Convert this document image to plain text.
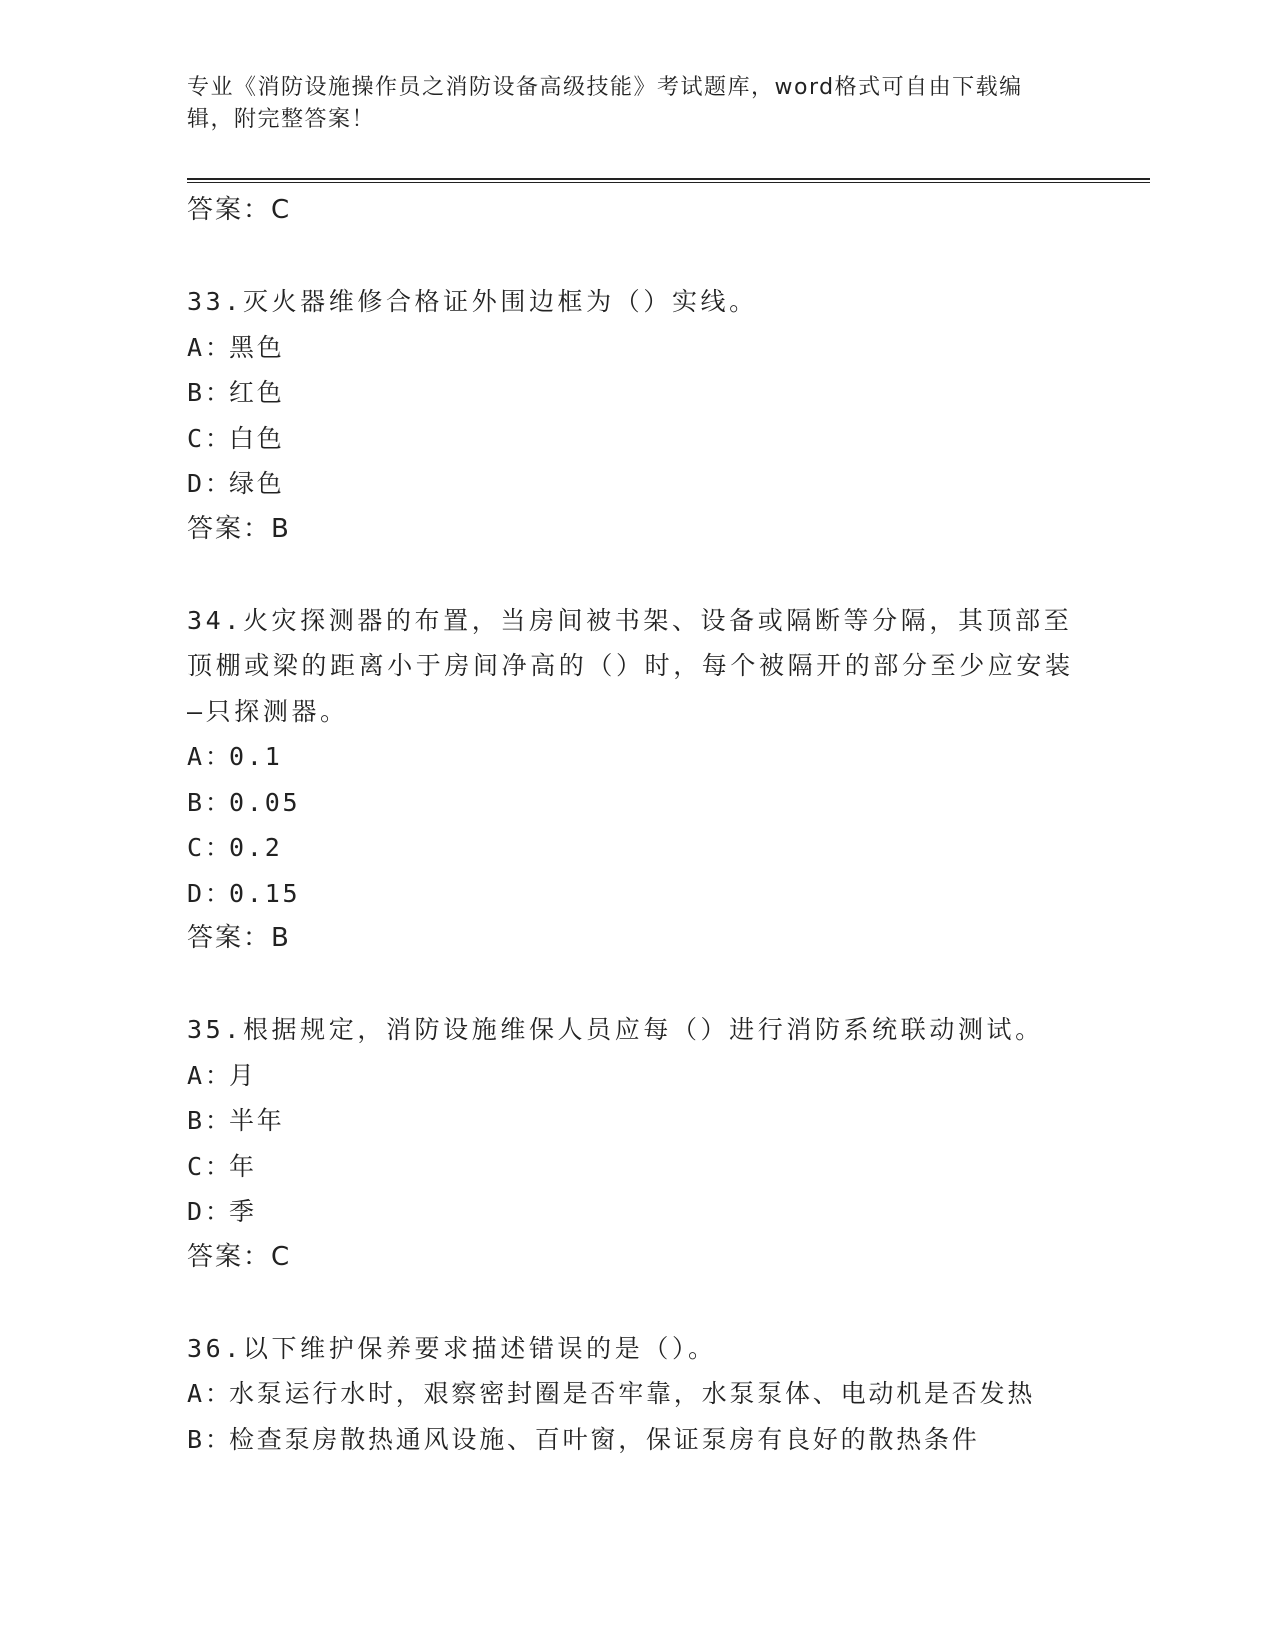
专业《消防设施操作员之消防设备高级技能》考试题库，word格式可自由下载编辑，附完整答案！
答案：C
33.灭火器维修合格证外围边框为（）实线。
A：黑色
B：红色
C：白色
D：绿色
答案：B
34.火灾探测器的布置，当房间被书架、设备或隔断等分隔，其顶部至顶棚或梁的距离小于房间净高的（）时，每个被隔开的部分至少应安装—只探测器。
A：0.1
B：0.05
C：0.2
D：0.15
答案：B
35.根据规定，消防设施维保人员应每（）进行消防系统联动测试。
A：月
B：半年
C：年
D：季
答案：C
36.以下维护保养要求描述错误的是（）。
A：水泵运行水时，艰察密封圈是否牢靠，水泵泵体、电动机是否发热
B：检查泵房散热通风设施、百叶窗，保证泵房有良好的散热条件
